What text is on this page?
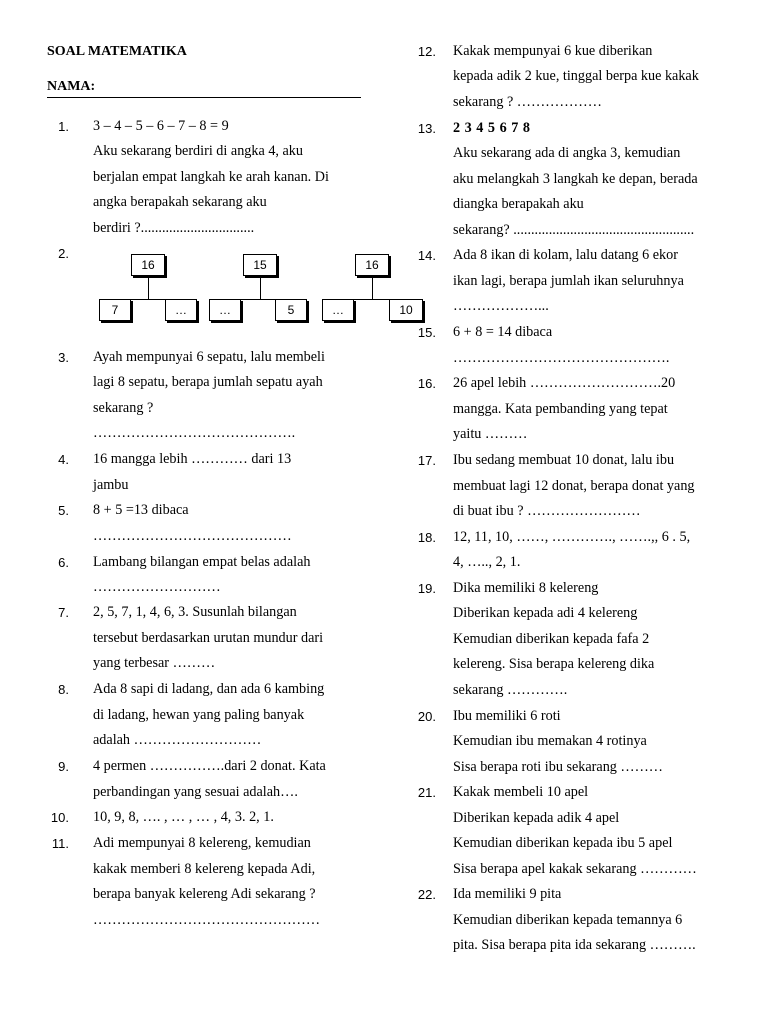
SOAL MATEMATIKA
NAMA:
1. 3 – 4 – 5 – 6 – 7 – 8 = 9
Aku sekarang berdiri di angka 4, aku
berjalan empat langkah ke arah kanan. Di
angka berapakah sekarang aku
berdiri ?................................
2.
3. Ayah mempunyai 6 sepatu, lalu membeli
lagi 8 sepatu, berapa jumlah sepatu ayah
sekarang ?
…………………………………….
4. 16 mangga lebih ………… dari 13
jambu
5. 8 + 5 =13 dibaca
……………………………………
6. Lambang bilangan empat belas adalah
………………………
7. 2, 5, 7, 1, 4, 6, 3. Susunlah bilangan
tersebut berdasarkan urutan mundur dari
yang terbesar ………
8. Ada 8 sapi di ladang, dan ada 6 kambing
di ladang, hewan yang paling banyak
adalah ………………………
9. 4 permen …………….dari 2 donat. Kata
perbandingan yang sesuai adalah….
10. 10, 9, 8, …. , … , … , 4, 3. 2, 1.
11. Adi mempunyai 8 kelereng, kemudian
kakak memberi 8 kelereng kepada Adi,
berapa banyak kelereng Adi sekarang ?
…………………………………………
12. Kakak mempunyai 6 kue diberikan
kepada adik 2 kue, tinggal berpa kue kakak
sekarang ? ………………
13. 2 3 4 5 6 7 8
Aku sekarang ada di angka 3, kemudian
aku melangkah 3 langkah ke depan, berada
diangka berapakah aku
sekarang? ...................................................
14. Ada 8 ikan di kolam, lalu datang 6 ekor
ikan lagi, berapa jumlah ikan seluruhnya
………………...
15. 6 + 8 = 14 dibaca
……………………………………….
16. 26 apel lebih ……………………….20
mangga. Kata pembanding yang tepat
yaitu ………
17. Ibu sedang membuat 10 donat, lalu ibu
membuat lagi 12 donat, berapa donat yang
di buat ibu ? ……………………
18. 12, 11, 10, ……, …………., …….,, 6 . 5,
4, ….., 2, 1.
19. Dika memiliki 8 kelereng
Diberikan kepada adi 4 kelereng
Kemudian diberikan kepada fafa 2
kelereng. Sisa berapa kelereng dika
sekarang ………….
20. Ibu memiliki 6 roti
Kemudian ibu memakan 4 rotinya
Sisa berapa roti ibu sekarang ………
21. Kakak membeli 10 apel
Diberikan kepada adik 4 apel
Kemudian diberikan kepada ibu 5 apel
Sisa berapa apel kakak sekarang …………
22. Ida memiliki 9 pita
Kemudian diberikan kepada temannya 6
pita. Sisa berapa pita ida sekarang ……….
16
7	…
15
…	5
16
…	10
